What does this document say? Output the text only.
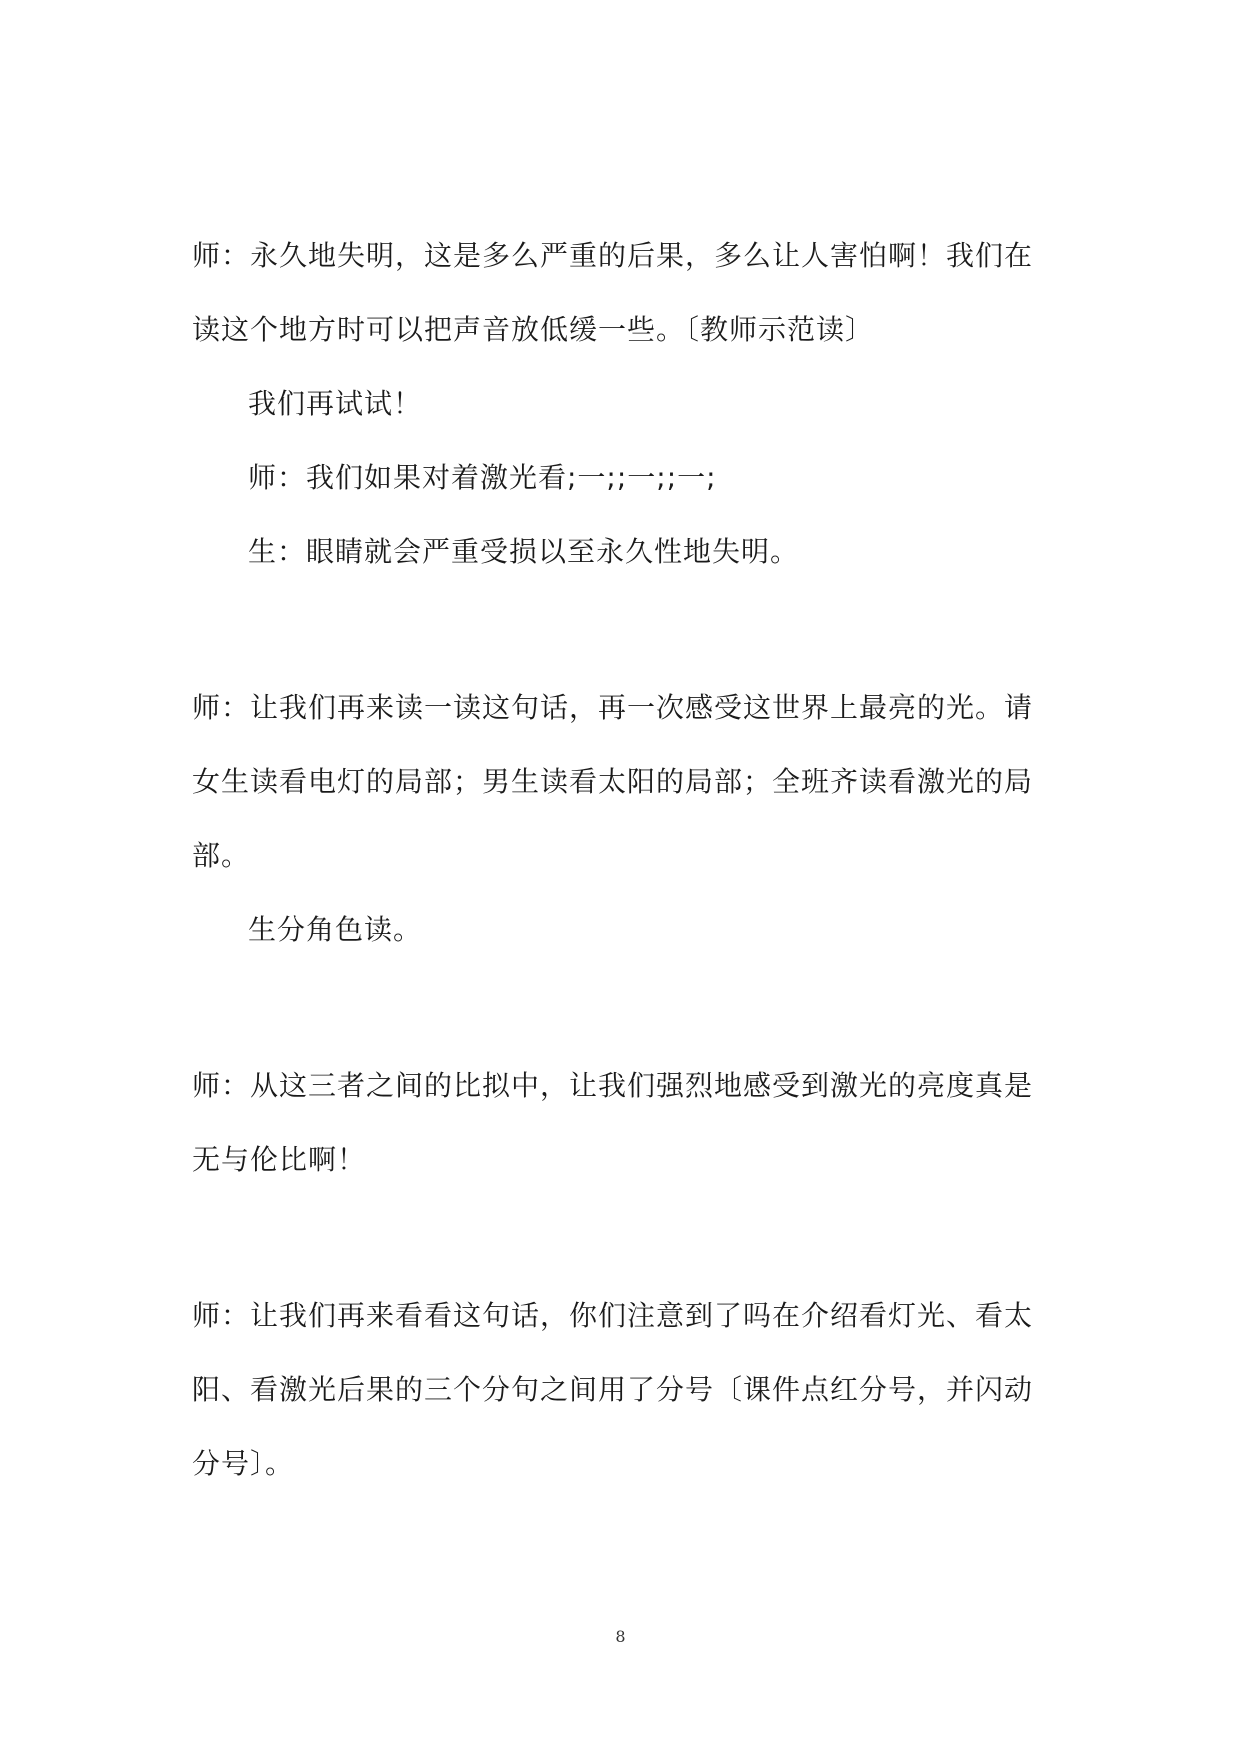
师：永久地失明，这是多么严重的后果，多么让人害怕啊！我们在
读这个地方时可以把声音放低缓一些。〔教师示范读〕
我们再试试！
师：我们如果对着激光看;一;;一;;一;
生：眼睛就会严重受损以至永久性地失明。
师：让我们再来读一读这句话，再一次感受这世界上最亮的光。请
女生读看电灯的局部；男生读看太阳的局部；全班齐读看激光的局
部。
生分角色读。
师：从这三者之间的比拟中，让我们强烈地感受到激光的亮度真是
无与伦比啊！
师：让我们再来看看这句话，你们注意到了吗在介绍看灯光、看太
阳、看激光后果的三个分句之间用了分号〔课件点红分号，并闪动
分号〕。
8
